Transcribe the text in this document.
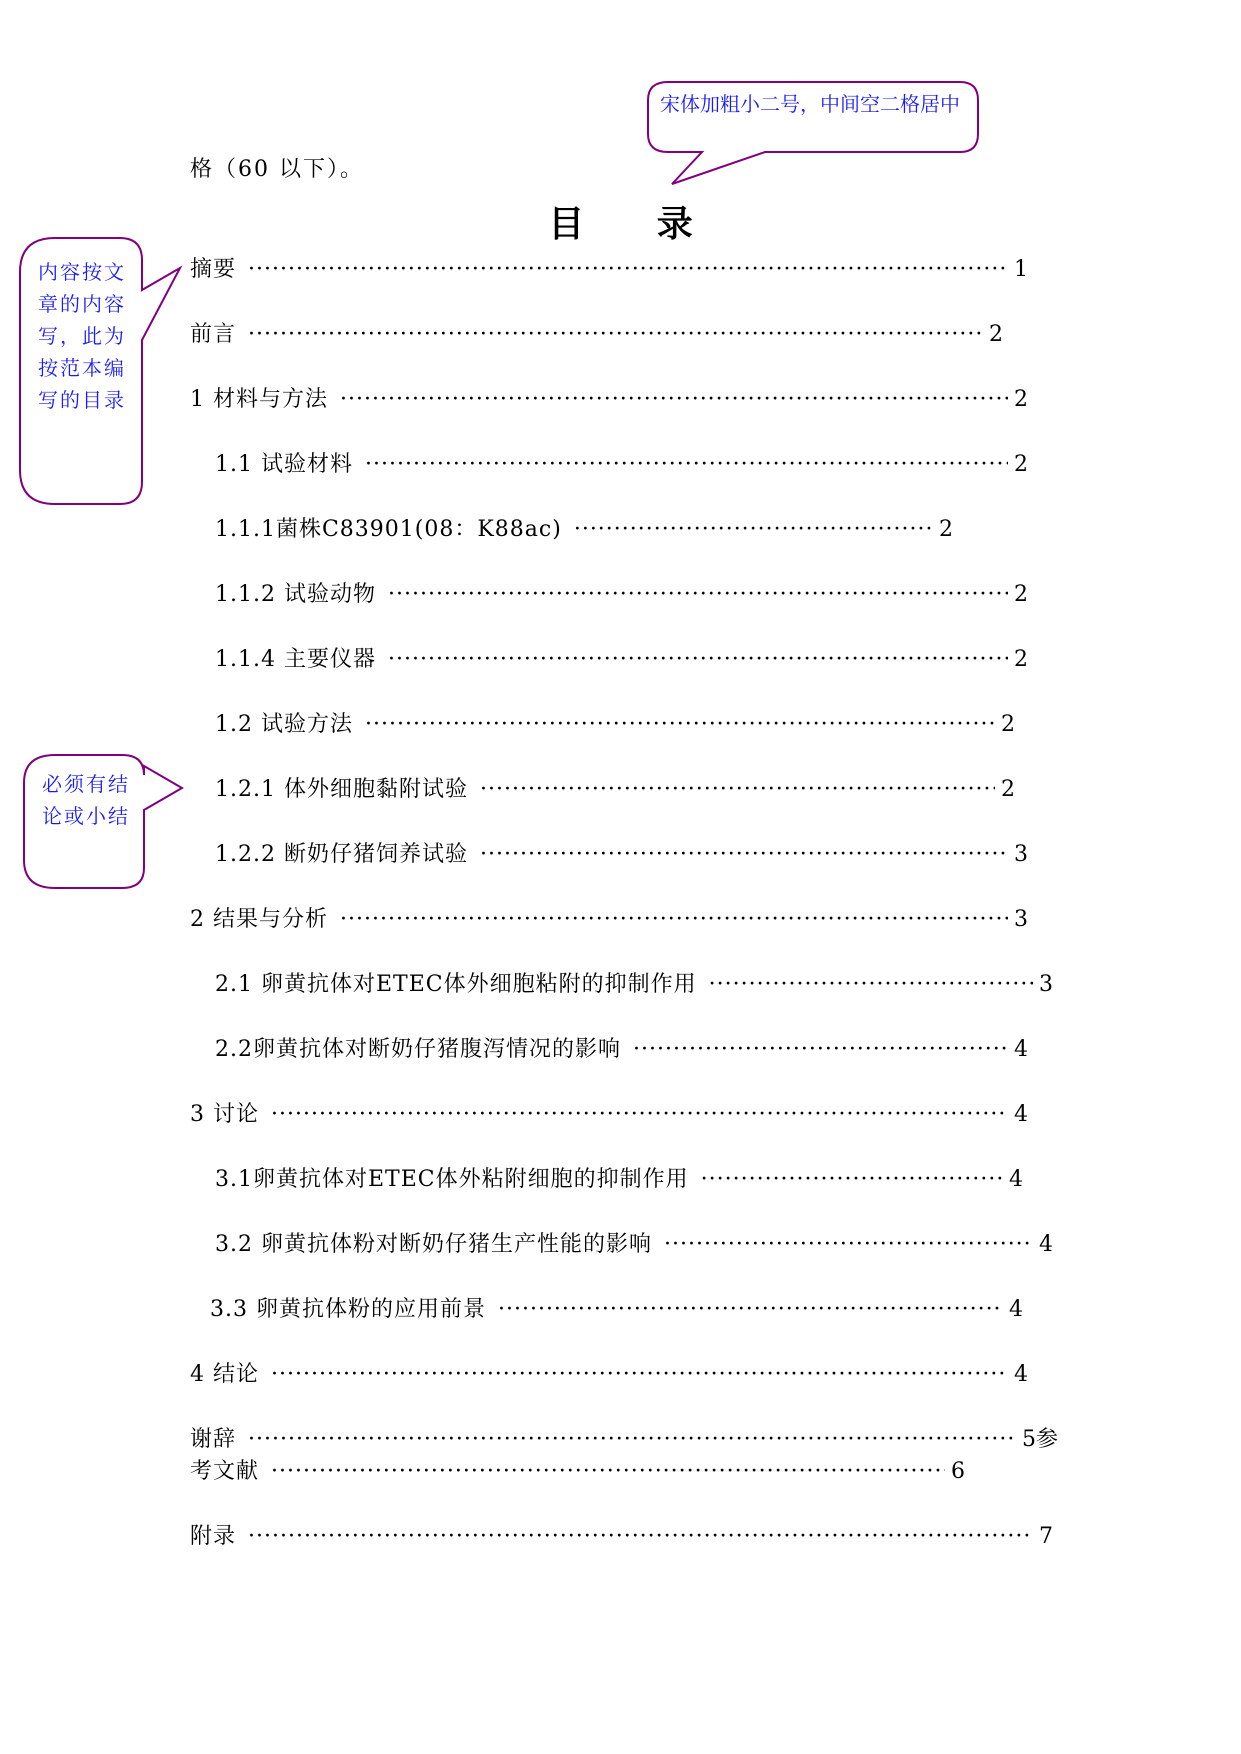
格（60 以下）。
目 录
摘要 ·····	1
前言 ·····	2
1 材料与方法 ·····	2
1.1 试验材料 ·····	2
1.1.1菌株C83901(08：K88ac) ·····	2
1.1.2 试验动物 ·····	2
1.1.4 主要仪器 ·····	2
1.2 试验方法 ·····	2
1.2.1 体外细胞黏附试验 ·····	2
1.2.2 断奶仔猪饲养试验 ·····	3
2 结果与分析 ·····	3
2.1 卵黄抗体对ETEC体外细胞粘附的抑制作用 ·····	3
2.2卵黄抗体对断奶仔猪腹泻情况的影响 ·····	4
3 讨论 ·····	4
3.1卵黄抗体对ETEC体外粘附细胞的抑制作用 ·····	4
3.2 卵黄抗体粉对断奶仔猪生产性能的影响 ·····	4
3.3 卵黄抗体粉的应用前景 ·····	4
4 结论 ·····	4
谢辞 ·····	5参
考文献 ·····	6
附录 ·····	7
宋体加粗小二号，中间空二格居中
内容按文章的内容写，此为按范本编写的目录
必须有结论或小结
